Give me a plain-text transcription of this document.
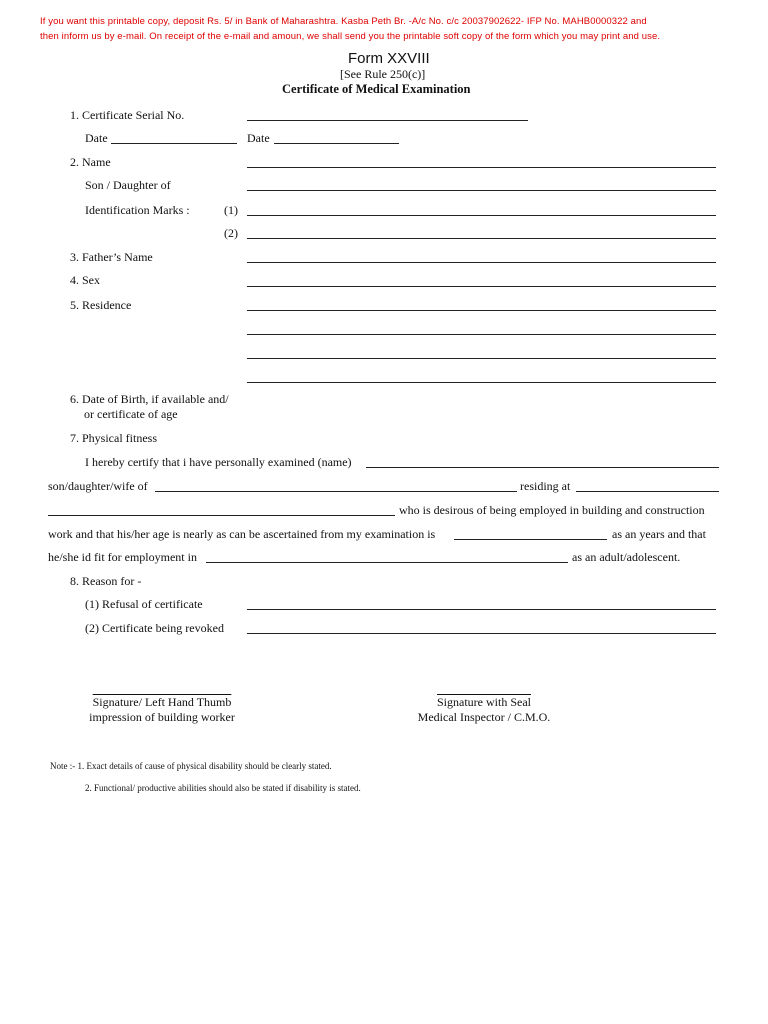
If you want this printable copy, deposit Rs. 5/ in Bank of Maharashtra. Kasba Peth Br. -A/c No. c/c 20037902622- IFP No. MAHB0000322 and
then inform us by e-mail. On receipt of the e-mail and amoun, we shall send you the printable soft copy of the form which you may print and use.
Form XXVIII
[See Rule 250(c)]
Certificate of Medical Examination
1. Certificate Serial No.
Date	Date
2. Name
Son / Daughter of
Identification Marks :	(1)
(2)
3. Father’s Name
4. Sex
5. Residence
6. Date of Birth, if available and/
or certificate of age
7. Physical fitness
I hereby certify that i have personally examined (name)
son/daughter/wife of	residing at
who is desirous of being employed in building and construction
work and that his/her age is nearly as can be ascertained from my examination is	as an years and that
he/she id fit for employment in	as an adult/adolescent.
8. Reason for -
(1) Refusal of certificate
(2) Certificate being revoked
Signature/ Left Hand Thumb
impression of building worker
Signature with Seal
Medical Inspector / C.M.O.
Note :- 1. Exact details of cause of physical disability should be clearly stated.
2. Functional/ productive abilities should also be stated if disability is stated.
